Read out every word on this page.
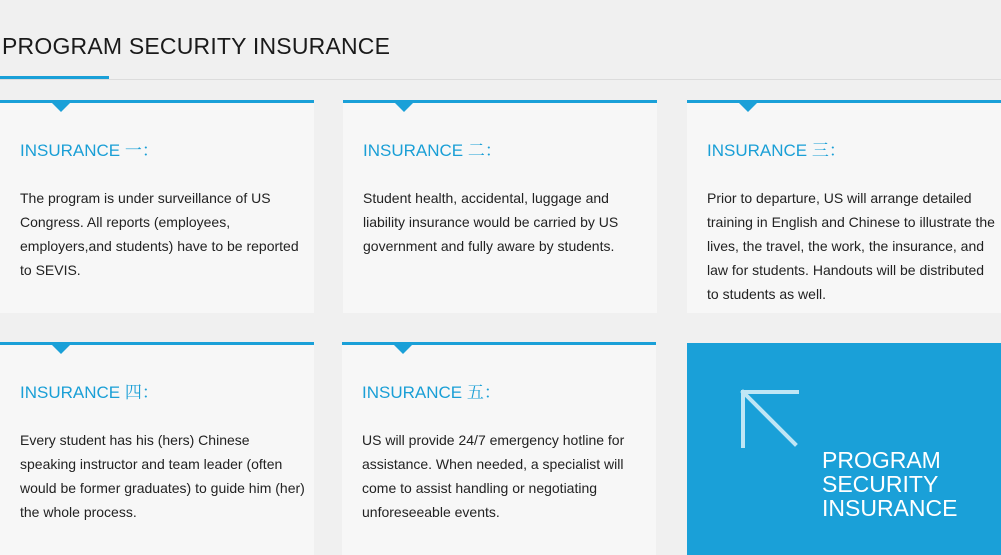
PROGRAM SECURITY INSURANCE
INSURANCE 一：

The program is under surveillance of US Congress. All reports (employees, employers,and students) have to be reported to SEVIS.

INSURANCE 二：

Student health, accidental, luggage and liability insurance would be carried by US government and fully aware by students.

INSURANCE 三：

Prior to departure, US will arrange detailed training in English and Chinese to illustrate the lives, the travel, the work, the insurance, and law for students. Handouts will be distributed to students as well.

INSURANCE 四：

Every student has his (hers) Chinese speaking instructor and team leader (often would be former graduates) to guide him (her) the whole process.

INSURANCE 五：

US will provide 24/7 emergency hotline for assistance. When needed, a specialist will come to assist handling or negotiating unforeseeable events.

PROGRAM
SECURITY
INSURANCE
